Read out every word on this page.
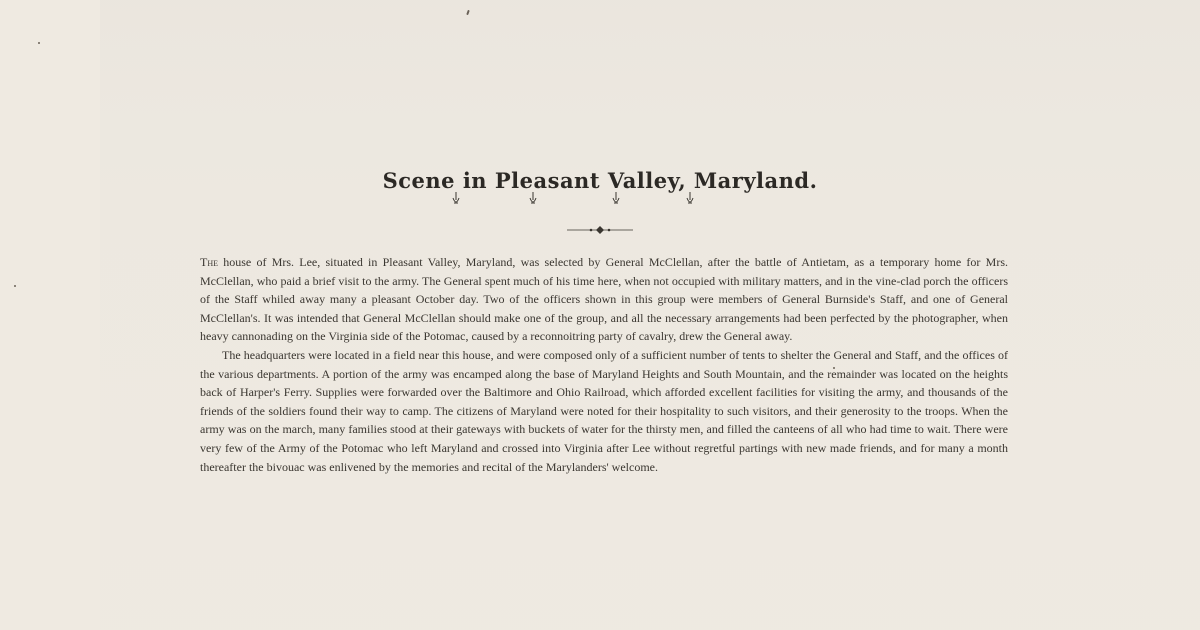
Scene in Pleasant Valley, Maryland.

The house of Mrs. Lee, situated in Pleasant Valley, Maryland, was selected by General McClellan, after the battle of Antietam, as a temporary home for Mrs. McClellan, who paid a brief visit to the army. The General spent much of his time here, when not occupied with military matters, and in the vine-clad porch the officers of the Staff whiled away many a pleasant October day. Two of the officers shown in this group were members of General Burnside's Staff, and one of General McClellan's. It was intended that General McClellan should make one of the group, and all the necessary arrangements had been perfected by the photographer, when heavy cannonading on the Virginia side of the Potomac, caused by a reconnoitring party of cavalry, drew the General away.

The headquarters were located in a field near this house, and were composed only of a sufficient number of tents to shelter the General and Staff, and the offices of the various departments. A portion of the army was encamped along the base of Maryland Heights and South Mountain, and the remainder was located on the heights back of Harper's Ferry. Supplies were forwarded over the Baltimore and Ohio Railroad, which afforded excellent facilities for visiting the army, and thousands of the friends of the soldiers found their way to camp. The citizens of Maryland were noted for their hospitality to such visitors, and their generosity to the troops. When the army was on the march, many families stood at their gateways with buckets of water for the thirsty men, and filled the canteens of all who had time to wait. There were very few of the Army of the Potomac who left Maryland and crossed into Virginia after Lee without regretful partings with new made friends, and for many a month thereafter the bivouac was enlivened by the memories and recital of the Marylanders' welcome.
